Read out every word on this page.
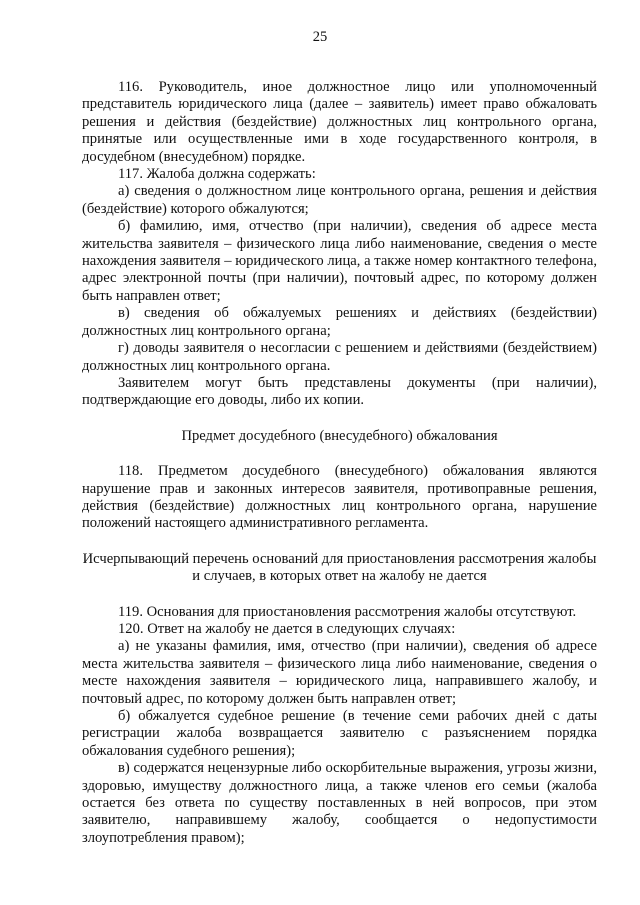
25

116. Руководитель, иное должностное лицо или уполномоченный представитель юридического лица (далее – заявитель) имеет право обжаловать решения и действия (бездействие) должностных лиц контрольного органа, принятые или осуществленные ими в ходе государственного контроля, в досудебном (внесудебном) порядке.

117. Жалоба должна содержать:

а) сведения о должностном лице контрольного органа, решения и действия (бездействие) которого обжалуются;

б) фамилию, имя, отчество (при наличии), сведения об адресе места жительства заявителя – физического лица либо наименование, сведения о месте нахождения заявителя – юридического лица, а также номер контактного телефона, адрес электронной почты (при наличии), почтовый адрес, по которому должен быть направлен ответ;

в) сведения об обжалуемых решениях и действиях (бездействии) должностных лиц контрольного органа;

г) доводы заявителя о несогласии с решением и действиями (бездействием) должностных лиц контрольного органа.

Заявителем могут быть представлены документы (при наличии), подтверждающие его доводы, либо их копии.

Предмет досудебного (внесудебного) обжалования

118. Предметом досудебного (внесудебного) обжалования являются нарушение прав и законных интересов заявителя, противоправные решения, действия (бездействие) должностных лиц контрольного органа, нарушение положений настоящего административного регламента.

Исчерпывающий перечень оснований для приостановления рассмотрения жалобы и случаев, в которых ответ на жалобу не дается

119. Основания для приостановления рассмотрения жалобы отсутствуют.

120. Ответ на жалобу не дается в следующих случаях:

а) не указаны фамилия, имя, отчество (при наличии), сведения об адресе места жительства заявителя – физического лица либо наименование, сведения о месте нахождения заявителя – юридического лица, направившего жалобу, и почтовый адрес, по которому должен быть направлен ответ;

б) обжалуется судебное решение (в течение семи рабочих дней с даты регистрации жалоба возвращается заявителю с разъяснением порядка обжалования судебного решения);

в) содержатся нецензурные либо оскорбительные выражения, угрозы жизни, здоровью, имуществу должностного лица, а также членов его семьи (жалоба остается без ответа по существу поставленных в ней вопросов, при этом заявителю, направившему жалобу, сообщается о недопустимости злоупотребления правом);
